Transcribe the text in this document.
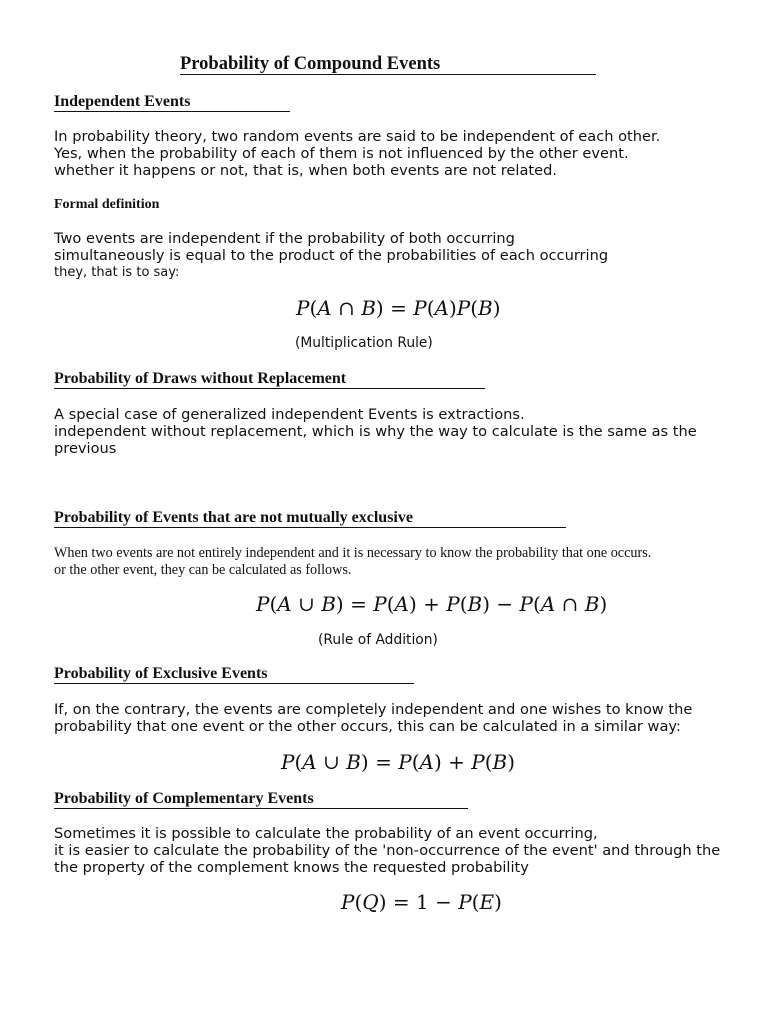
Probability of Compound Events
Independent Events
In probability theory, two random events are said to be independent of each other.
Yes, when the probability of each of them is not influenced by the other event.
whether it happens or not, that is, when both events are not related.
Formal definition
Two events are independent if the probability of both occurring
simultaneously is equal to the product of the probabilities of each occurring
they, that is to say:
P(A ∩ B) = P(A)P(B)
(Multiplication Rule)
Probability of Draws without Replacement
A special case of generalized independent Events is extractions.
independent without replacement, which is why the way to calculate is the same as the
previous
Probability of Events that are not mutually exclusive
When two events are not entirely independent and it is necessary to know the probability that one occurs.
or the other event, they can be calculated as follows.
P(A ∪ B) = P(A) + P(B) − P(A ∩ B)
(Rule of Addition)
Probability of Exclusive Events
If, on the contrary, the events are completely independent and one wishes to know the
probability that one event or the other occurs, this can be calculated in a similar way:
P(A ∪ B) = P(A) + P(B)
Probability of Complementary Events
Sometimes it is possible to calculate the probability of an event occurring,
it is easier to calculate the probability of the 'non-occurrence of the event' and through the
the property of the complement knows the requested probability
P(Q) = 1 − P(E)
